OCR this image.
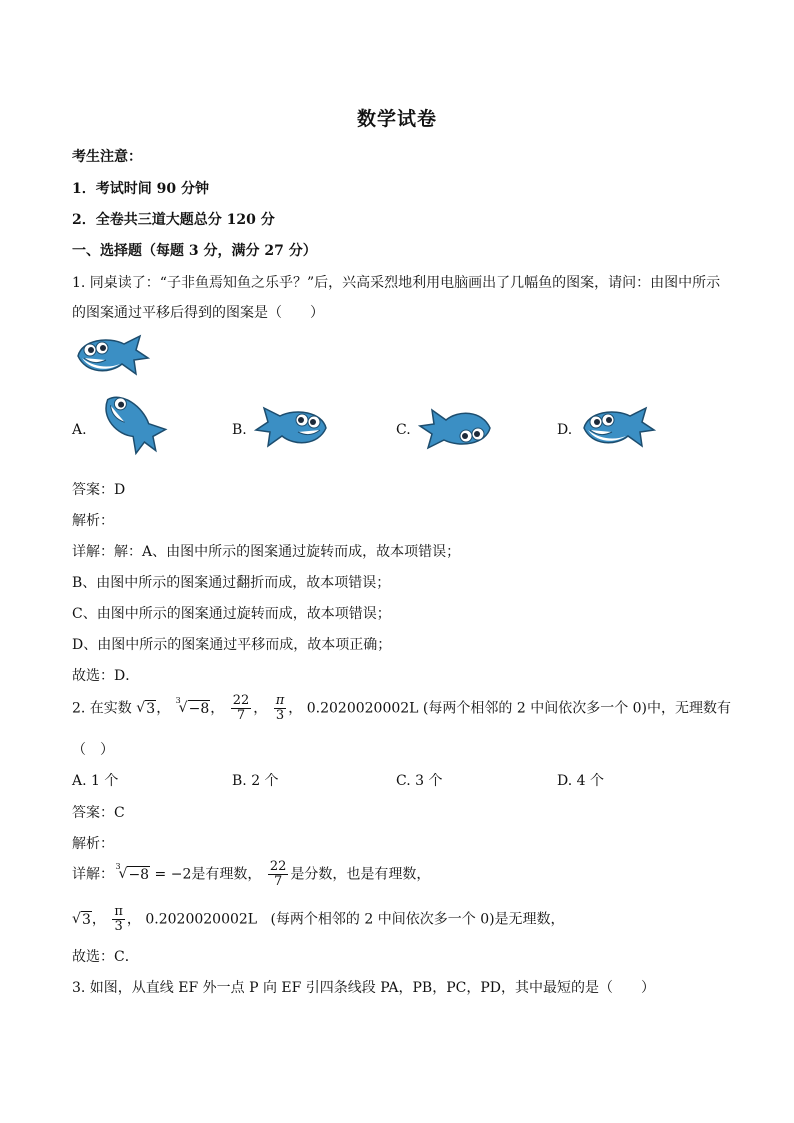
数学试卷
考生注意：
1．考试时间 90 分钟
2．全卷共三道大题总分 120 分
一、选择题（每题 3 分，满分 27 分）
1. 同桌读了：“子非鱼焉知鱼之乐乎？”后，兴高采烈地利用电脑画出了几幅鱼的图案，请问：由图中所示
的图案通过平移后得到的图案是（　　）
A.	B.	C.	D.
答案：D
解析：
详解：解：A、由图中所示的图案通过旋转而成，故本项错误；
B、由图中所示的图案通过翻折而成，故本项错误；
C、由图中所示的图案通过旋转而成，故本项错误；
D、由图中所示的图案通过平移而成，故本项正确；
故选：D．
2. 在实数 √ 3，
3
√ −8， $\frac{22}{7}$ ， $\frac{\pi}{3}$ ， 0.2020020002L (每两个相邻的 2 中间依次多一个 0)中，无理数有
（　）
A. 1 个	B. 2 个	C. 3 个	D. 4 个
答案：C
解析：
详解：
3
√ −8 = −2是有理数， $\frac{22}{7}$ 是分数，也是有理数，
√ 3， $\frac{\pi}{3}$ ， 0.2020020002L (每两个相邻的 2 中间依次多一个 0)是无理数，
故选：C．
3. 如图，从直线 EF 外一点 P 向 EF 引四条线段 PA，PB，PC，PD，其中最短的是（　　）
